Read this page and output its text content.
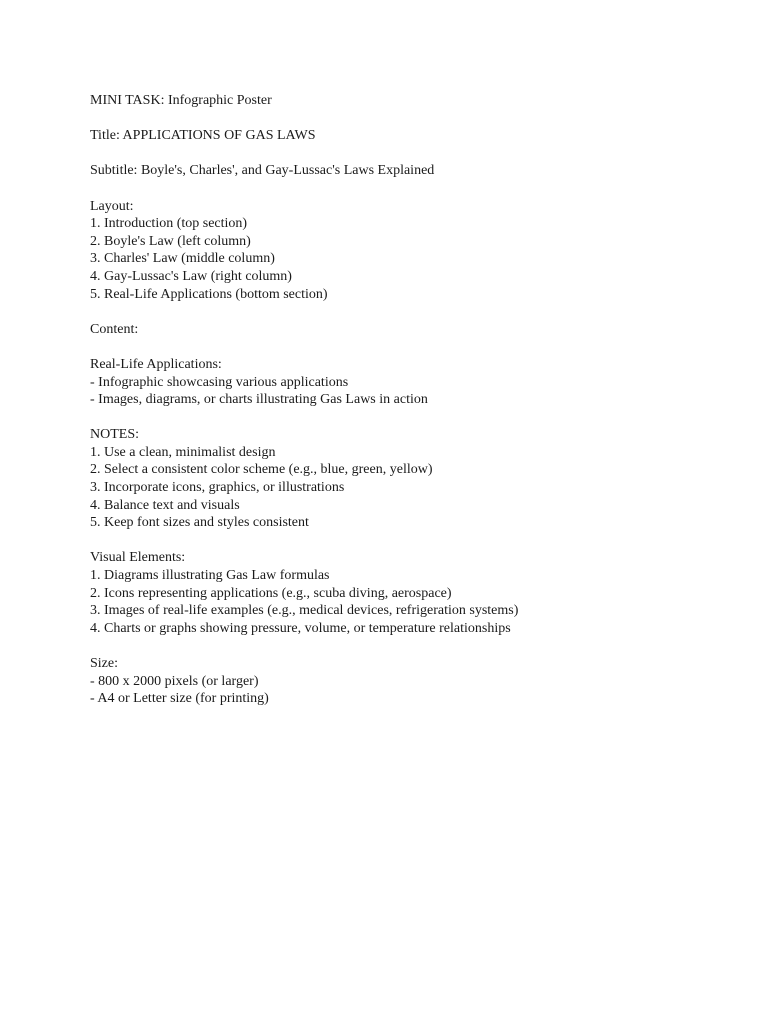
MINI TASK: Infographic Poster
Title: APPLICATIONS OF GAS LAWS
Subtitle: Boyle's, Charles', and Gay-Lussac's Laws Explained
Layout:
1. Introduction (top section)
2. Boyle's Law (left column)
3. Charles' Law (middle column)
4. Gay-Lussac's Law (right column)
5. Real-Life Applications (bottom section)
Content:
Real-Life Applications:
- Infographic showcasing various applications
- Images, diagrams, or charts illustrating Gas Laws in action
NOTES:
1. Use a clean, minimalist design
2. Select a consistent color scheme (e.g., blue, green, yellow)
3. Incorporate icons, graphics, or illustrations
4. Balance text and visuals
5. Keep font sizes and styles consistent
Visual Elements:
1. Diagrams illustrating Gas Law formulas
2. Icons representing applications (e.g., scuba diving, aerospace)
3. Images of real-life examples (e.g., medical devices, refrigeration systems)
4. Charts or graphs showing pressure, volume, or temperature relationships
Size:
- 800 x 2000 pixels (or larger)
- A4 or Letter size (for printing)
